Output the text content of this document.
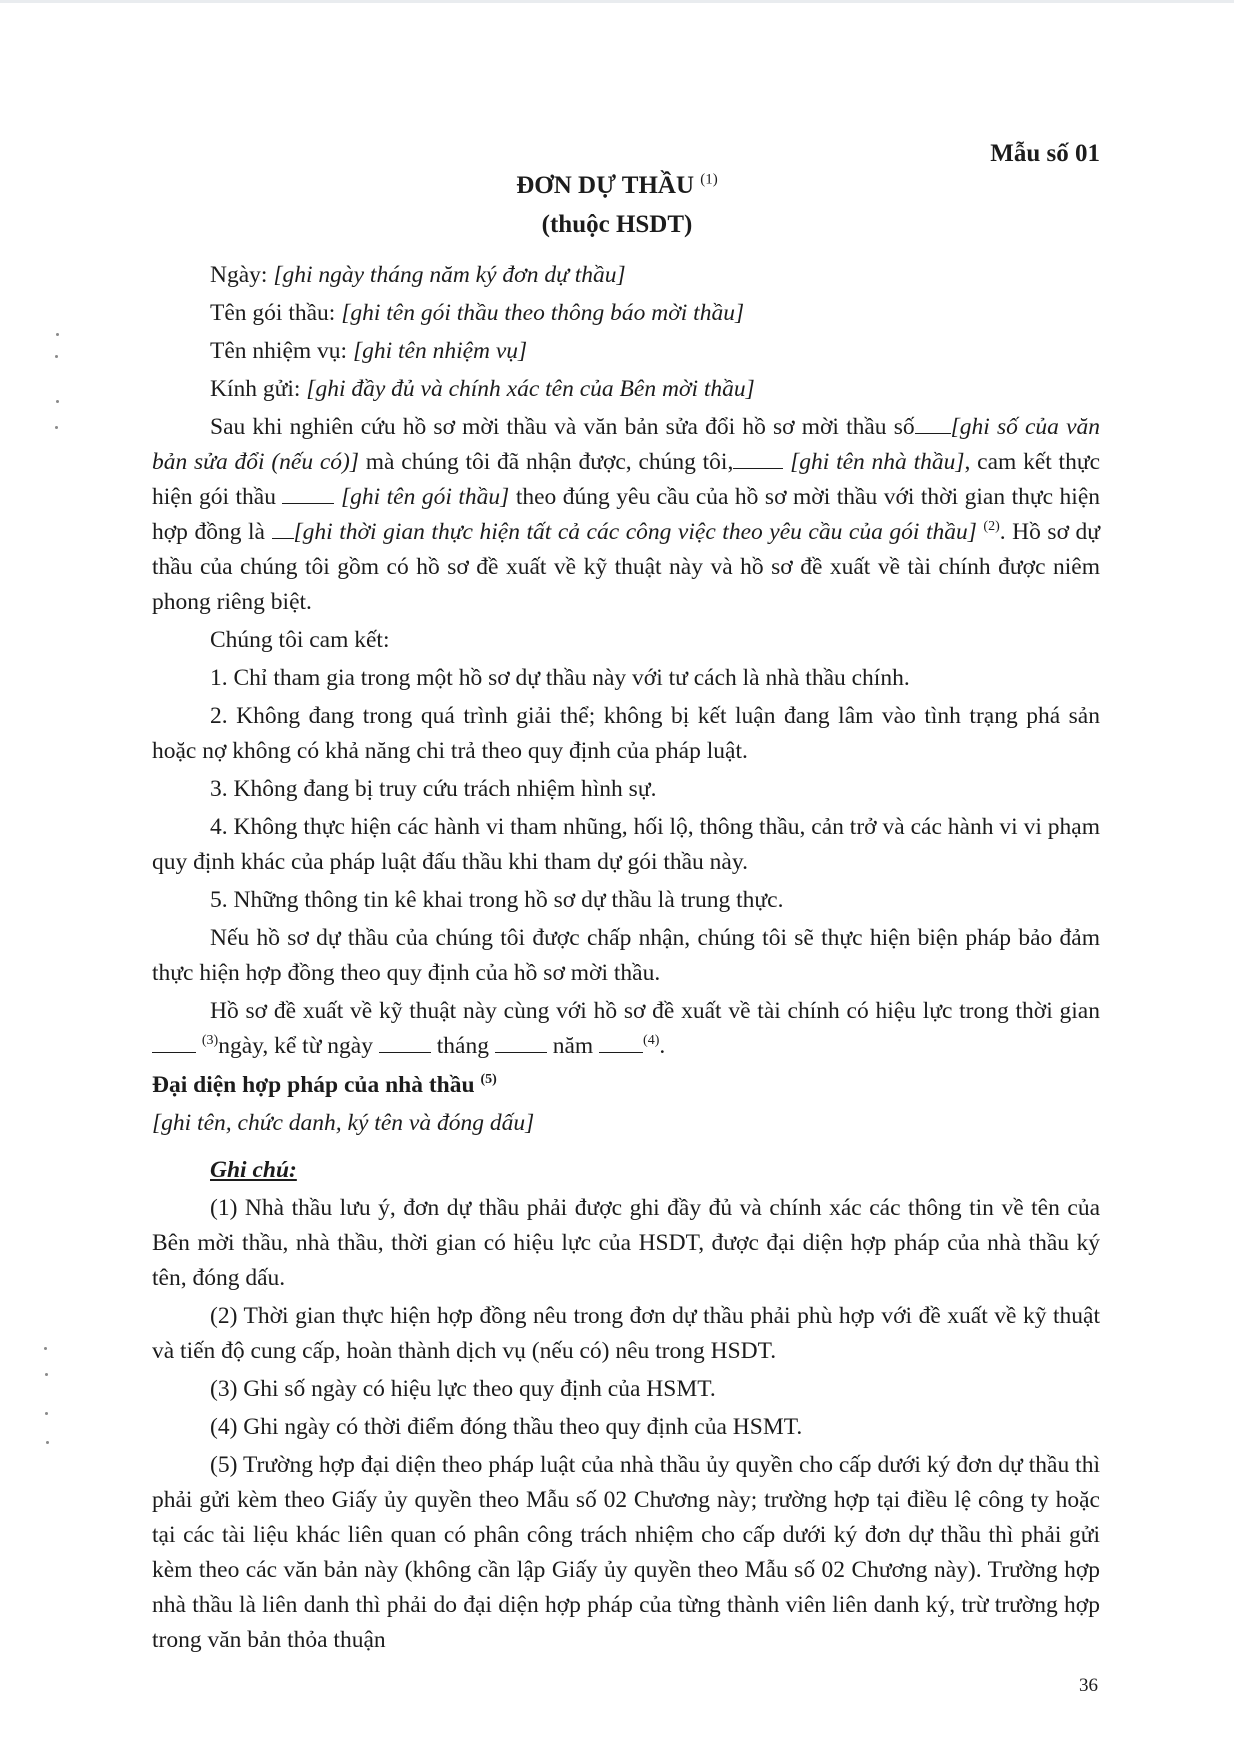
Mẫu số 01
ĐƠN DỰ THẦU $^{(1)}$
(thuộc HSDT)

Ngày: [ghi ngày tháng năm ký đơn dự thầu]

Tên gói thầu: [ghi tên gói thầu theo thông báo mời thầu]

Tên nhiệm vụ: [ghi tên nhiệm vụ]

Kính gửi: [ghi đầy đủ và chính xác tên của Bên mời thầu]

Sau khi nghiên cứu hồ sơ mời thầu và văn bản sửa đổi hồ sơ mời thầu số [ghi số của văn bản sửa đổi (nếu có)] mà chúng tôi đã nhận được, chúng tôi, [ghi tên nhà thầu], cam kết thực hiện gói thầu  [ghi tên gói thầu] theo đúng yêu cầu của hồ sơ mời thầu với thời gian thực hiện hợp đồng là [ghi thời gian thực hiện tất cả các công việc theo yêu cầu của gói thầu] $^{(2)}$. Hồ sơ dự thầu của chúng tôi gồm có hồ sơ đề xuất về kỹ thuật này và hồ sơ đề xuất về tài chính được niêm phong riêng biệt.

Chúng tôi cam kết:

1. Chỉ tham gia trong một hồ sơ dự thầu này với tư cách là nhà thầu chính.

2. Không đang trong quá trình giải thể; không bị kết luận đang lâm vào tình trạng phá sản hoặc nợ không có khả năng chi trả theo quy định của pháp luật.

3. Không đang bị truy cứu trách nhiệm hình sự.

4. Không thực hiện các hành vi tham nhũng, hối lộ, thông thầu, cản trở và các hành vi vi phạm quy định khác của pháp luật đấu thầu khi tham dự gói thầu này.

5. Những thông tin kê khai trong hồ sơ dự thầu là trung thực.

Nếu hồ sơ dự thầu của chúng tôi được chấp nhận, chúng tôi sẽ thực hiện biện pháp bảo đảm thực hiện hợp đồng theo quy định của hồ sơ mời thầu.

Hồ sơ đề xuất về kỹ thuật này cùng với hồ sơ đề xuất về tài chính có hiệu lực trong thời gian  $^{(3)}$ngày, kể từ ngày	tháng	năm	$^{(4)}$.

Đại diện hợp pháp của nhà thầu $^{(5)}$

[ghi tên, chức danh, ký tên và đóng dấu]

Ghi chú:

(1) Nhà thầu lưu ý, đơn dự thầu phải được ghi đầy đủ và chính xác các thông tin về tên của Bên mời thầu, nhà thầu, thời gian có hiệu lực của HSDT, được đại diện hợp pháp của nhà thầu ký tên, đóng dấu.

(2) Thời gian thực hiện hợp đồng nêu trong đơn dự thầu phải phù hợp với đề xuất về kỹ thuật và tiến độ cung cấp, hoàn thành dịch vụ (nếu có) nêu trong HSDT.

(3) Ghi số ngày có hiệu lực theo quy định của HSMT.

(4) Ghi ngày có thời điểm đóng thầu theo quy định của HSMT.

(5) Trường hợp đại diện theo pháp luật của nhà thầu ủy quyền cho cấp dưới ký đơn dự thầu thì phải gửi kèm theo Giấy ủy quyền theo Mẫu số 02 Chương này; trường hợp tại điều lệ công ty hoặc tại các tài liệu khác liên quan có phân công trách nhiệm cho cấp dưới ký đơn dự thầu thì phải gửi kèm theo các văn bản này (không cần lập Giấy ủy quyền theo Mẫu số 02 Chương này). Trường hợp nhà thầu là liên danh thì phải do đại diện hợp pháp của từng thành viên liên danh ký, trừ trường hợp trong văn bản thỏa thuận

36
